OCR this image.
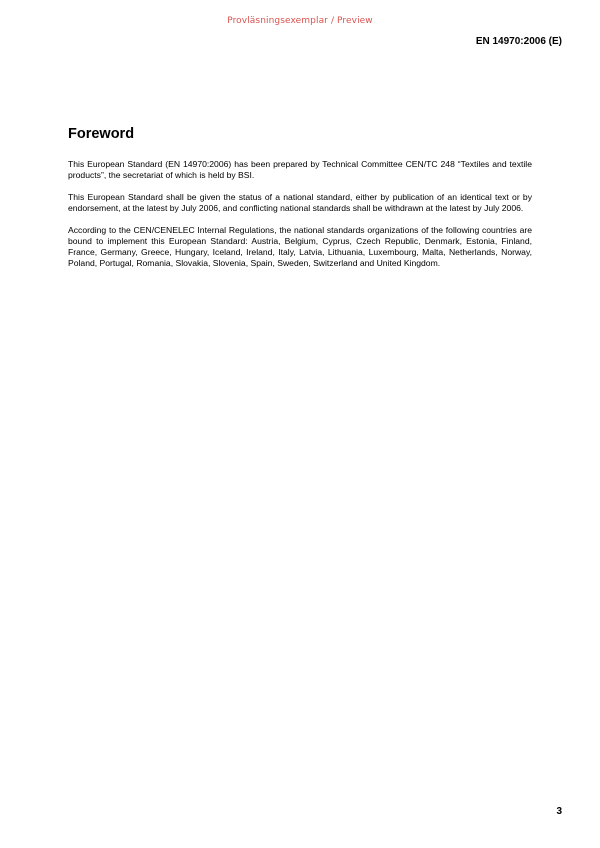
Provläsningsexemplar / Preview
EN 14970:2006 (E)
Foreword

This European Standard (EN 14970:2006) has been prepared by Technical Committee CEN/TC 248 “Textiles and textile products”, the secretariat of which is held by BSI.

This European Standard shall be given the status of a national standard, either by publication of an identical text or by endorsement, at the latest by July 2006, and conflicting national standards shall be withdrawn at the latest by July 2006.

According to the CEN/CENELEC Internal Regulations, the national standards organizations of the following countries are bound to implement this European Standard: Austria, Belgium, Cyprus, Czech Republic, Denmark, Estonia, Finland, France, Germany, Greece, Hungary, Iceland, Ireland, Italy, Latvia, Lithuania, Luxembourg, Malta, Netherlands, Norway, Poland, Portugal, Romania, Slovakia, Slovenia, Spain, Sweden, Switzerland and United Kingdom.

3
